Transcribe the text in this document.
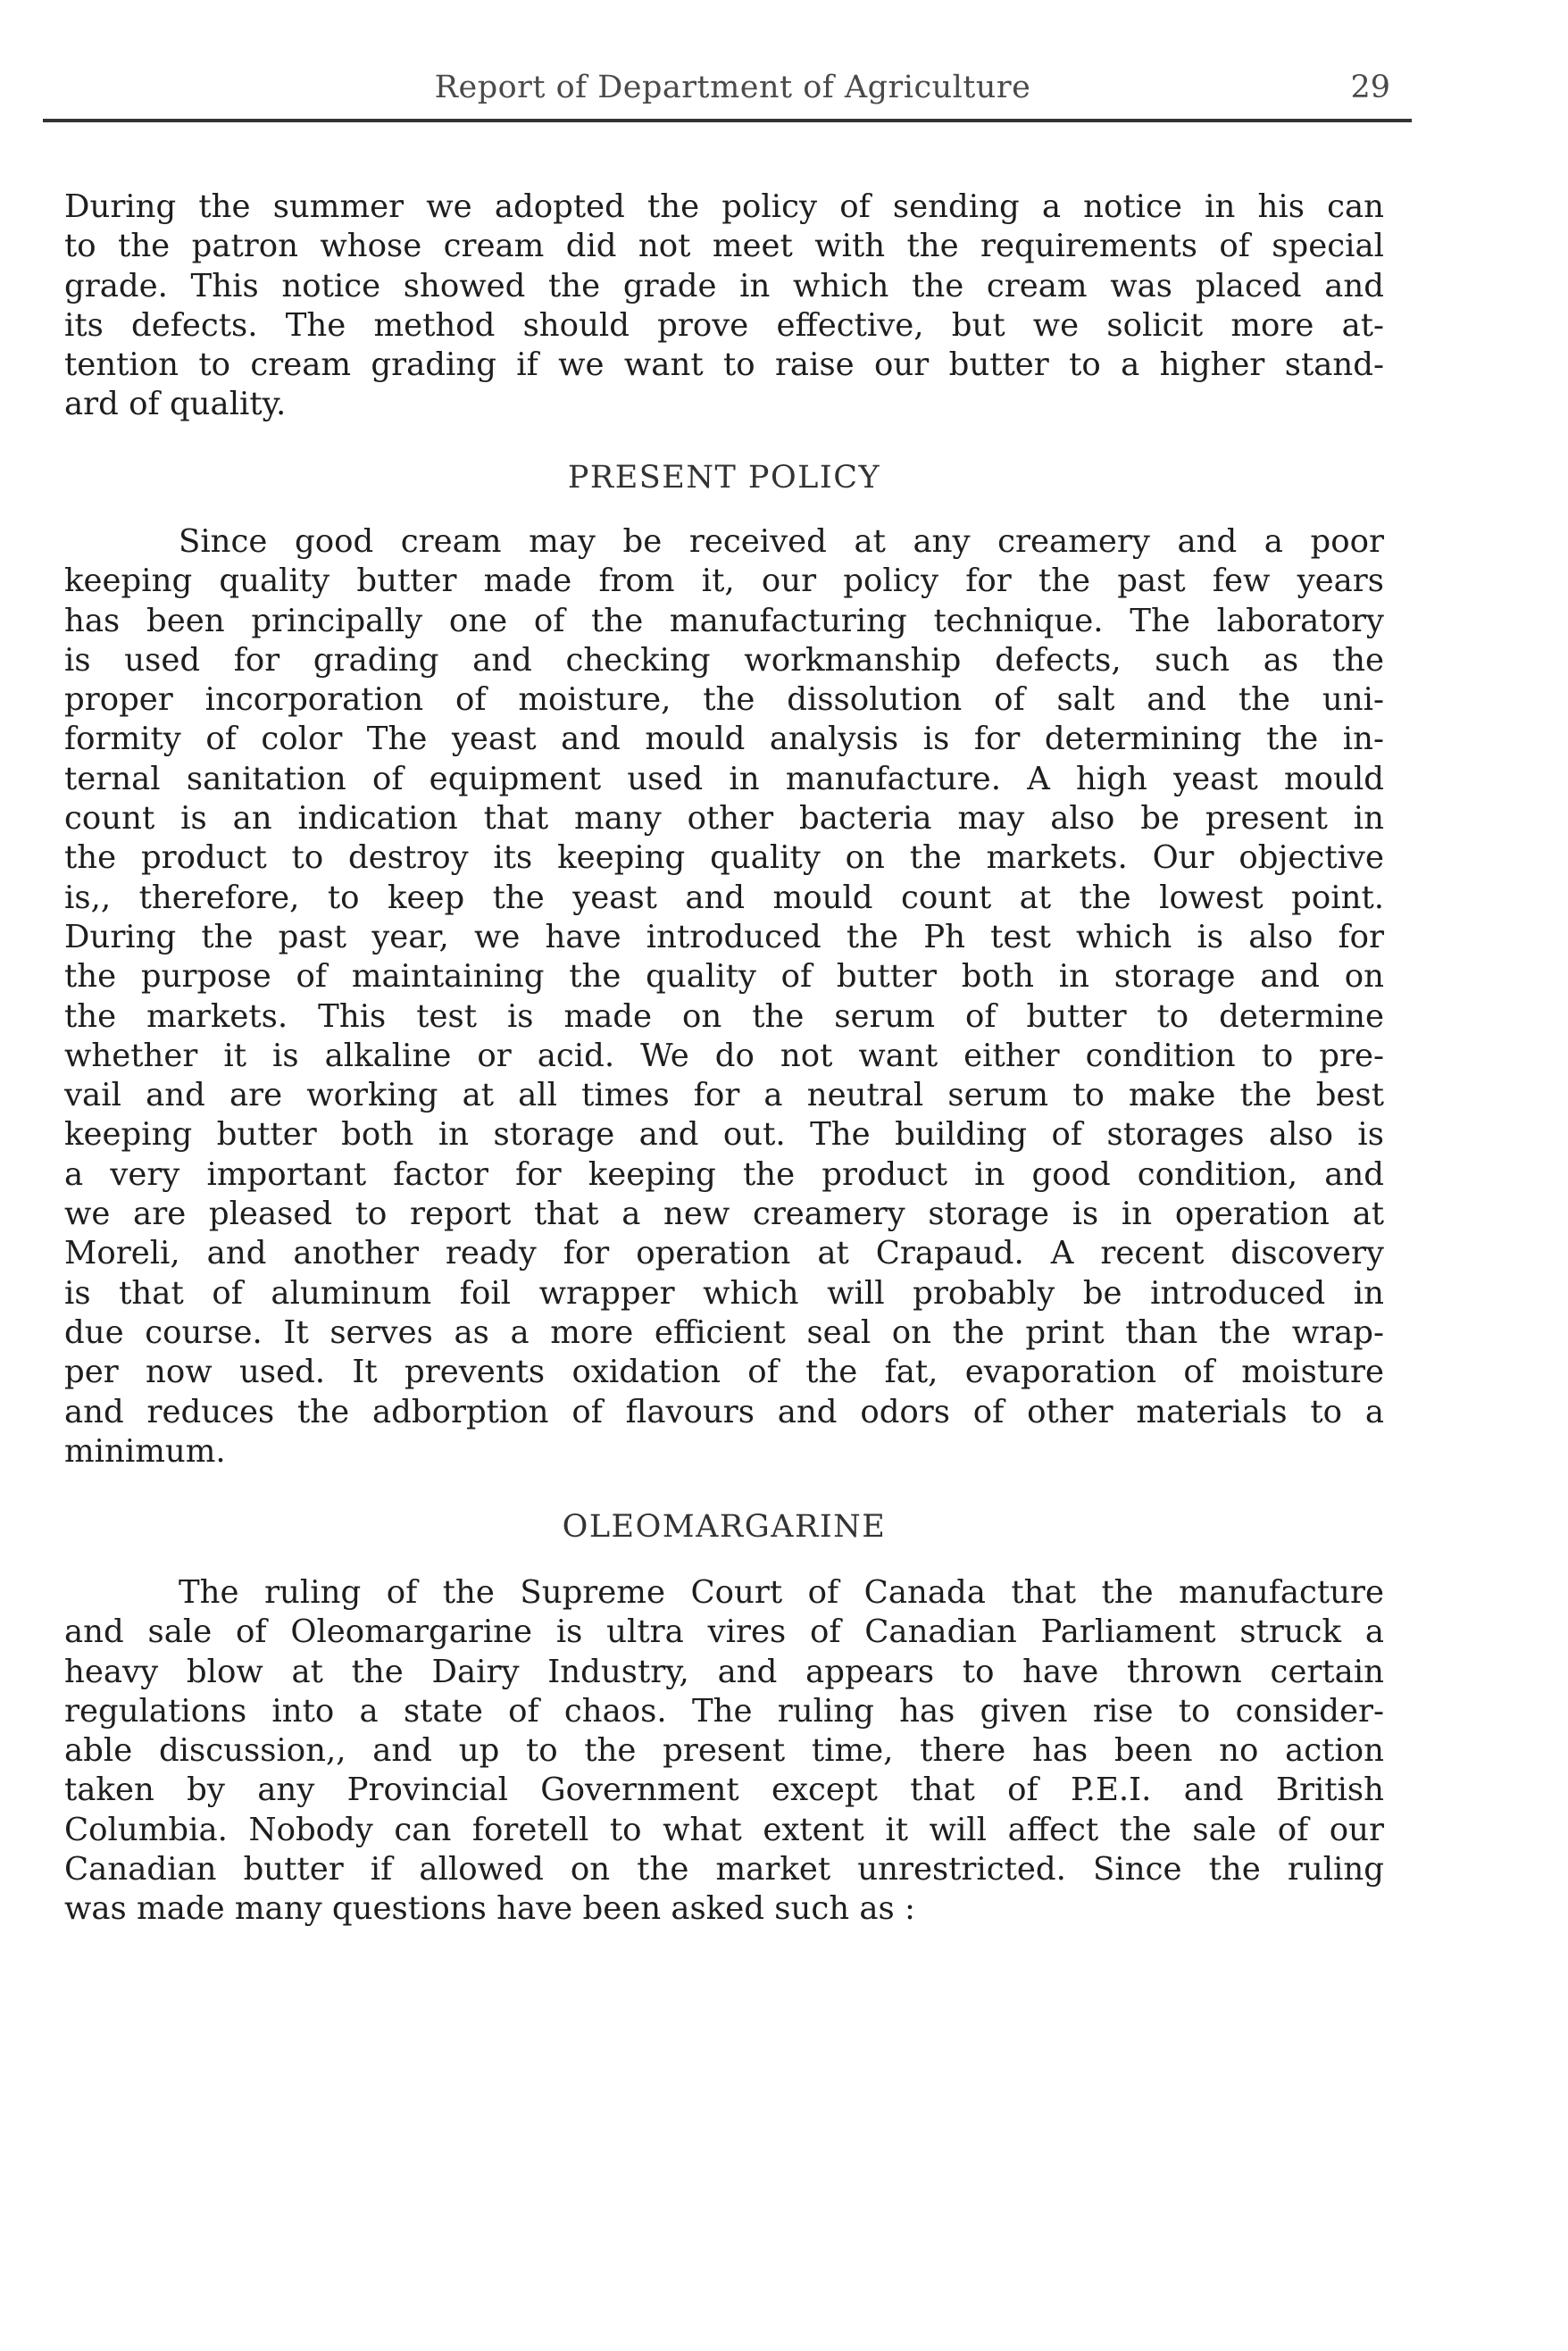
Report of Department of Agriculture	29
During the summer we adopted the policy of sending a notice in his can
to the patron whose cream did not meet with the requirements of special
grade. This notice showed the grade in which the cream was placed and
its defects. The method should prove effective, but we solicit more at-
tention to cream grading if we want to raise our butter to a higher stand-
ard of quality.
PRESENT POLICY
Since good cream may be received at any creamery and a poor
keeping quality butter made from it, our policy for the past few years
has been principally one of the manufacturing technique. The laboratory
is used for grading and checking workmanship defects, such as the
proper incorporation of moisture, the dissolution of salt and the uni-
formity of color The yeast and mould analysis is for determining the in-
ternal sanitation of equipment used in manufacture. A high yeast mould
count is an indication that many other bacteria may also be present in
the product to destroy its keeping quality on the markets. Our objective
is,, therefore, to keep the yeast and mould count at the lowest point.
During the past year, we have introduced the Ph test which is also for
the purpose of maintaining the quality of butter both in storage and on
the markets. This test is made on the serum of butter to determine
whether it is alkaline or acid. We do not want either condition to pre-
vail and are working at all times for a neutral serum to make the best
keeping butter both in storage and out. The building of storages also is
a very important factor for keeping the product in good condition, and
we are pleased to report that a new creamery storage is in operation at
Moreli, and another ready for operation at Crapaud. A recent discovery
is that of aluminum foil wrapper which will probably be introduced in
due course. It serves as a more efficient seal on the print than the wrap-
per now used. It prevents oxidation of the fat, evaporation of moisture
and reduces the adborption of flavours and odors of other materials to a
minimum.
OLEOMARGARINE
The ruling of the Supreme Court of Canada that the manufacture
and sale of Oleomargarine is ultra vires of Canadian Parliament struck a
heavy blow at the Dairy Industry, and appears to have thrown certain
regulations into a state of chaos. The ruling has given rise to consider-
able discussion,, and up to the present time, there has been no action
taken by any Provincial Government except that of P.E.I. and British
Columbia. Nobody can foretell to what extent it will affect the sale of our
Canadian butter if allowed on the market unrestricted. Since the ruling
was made many questions have been asked such as :
